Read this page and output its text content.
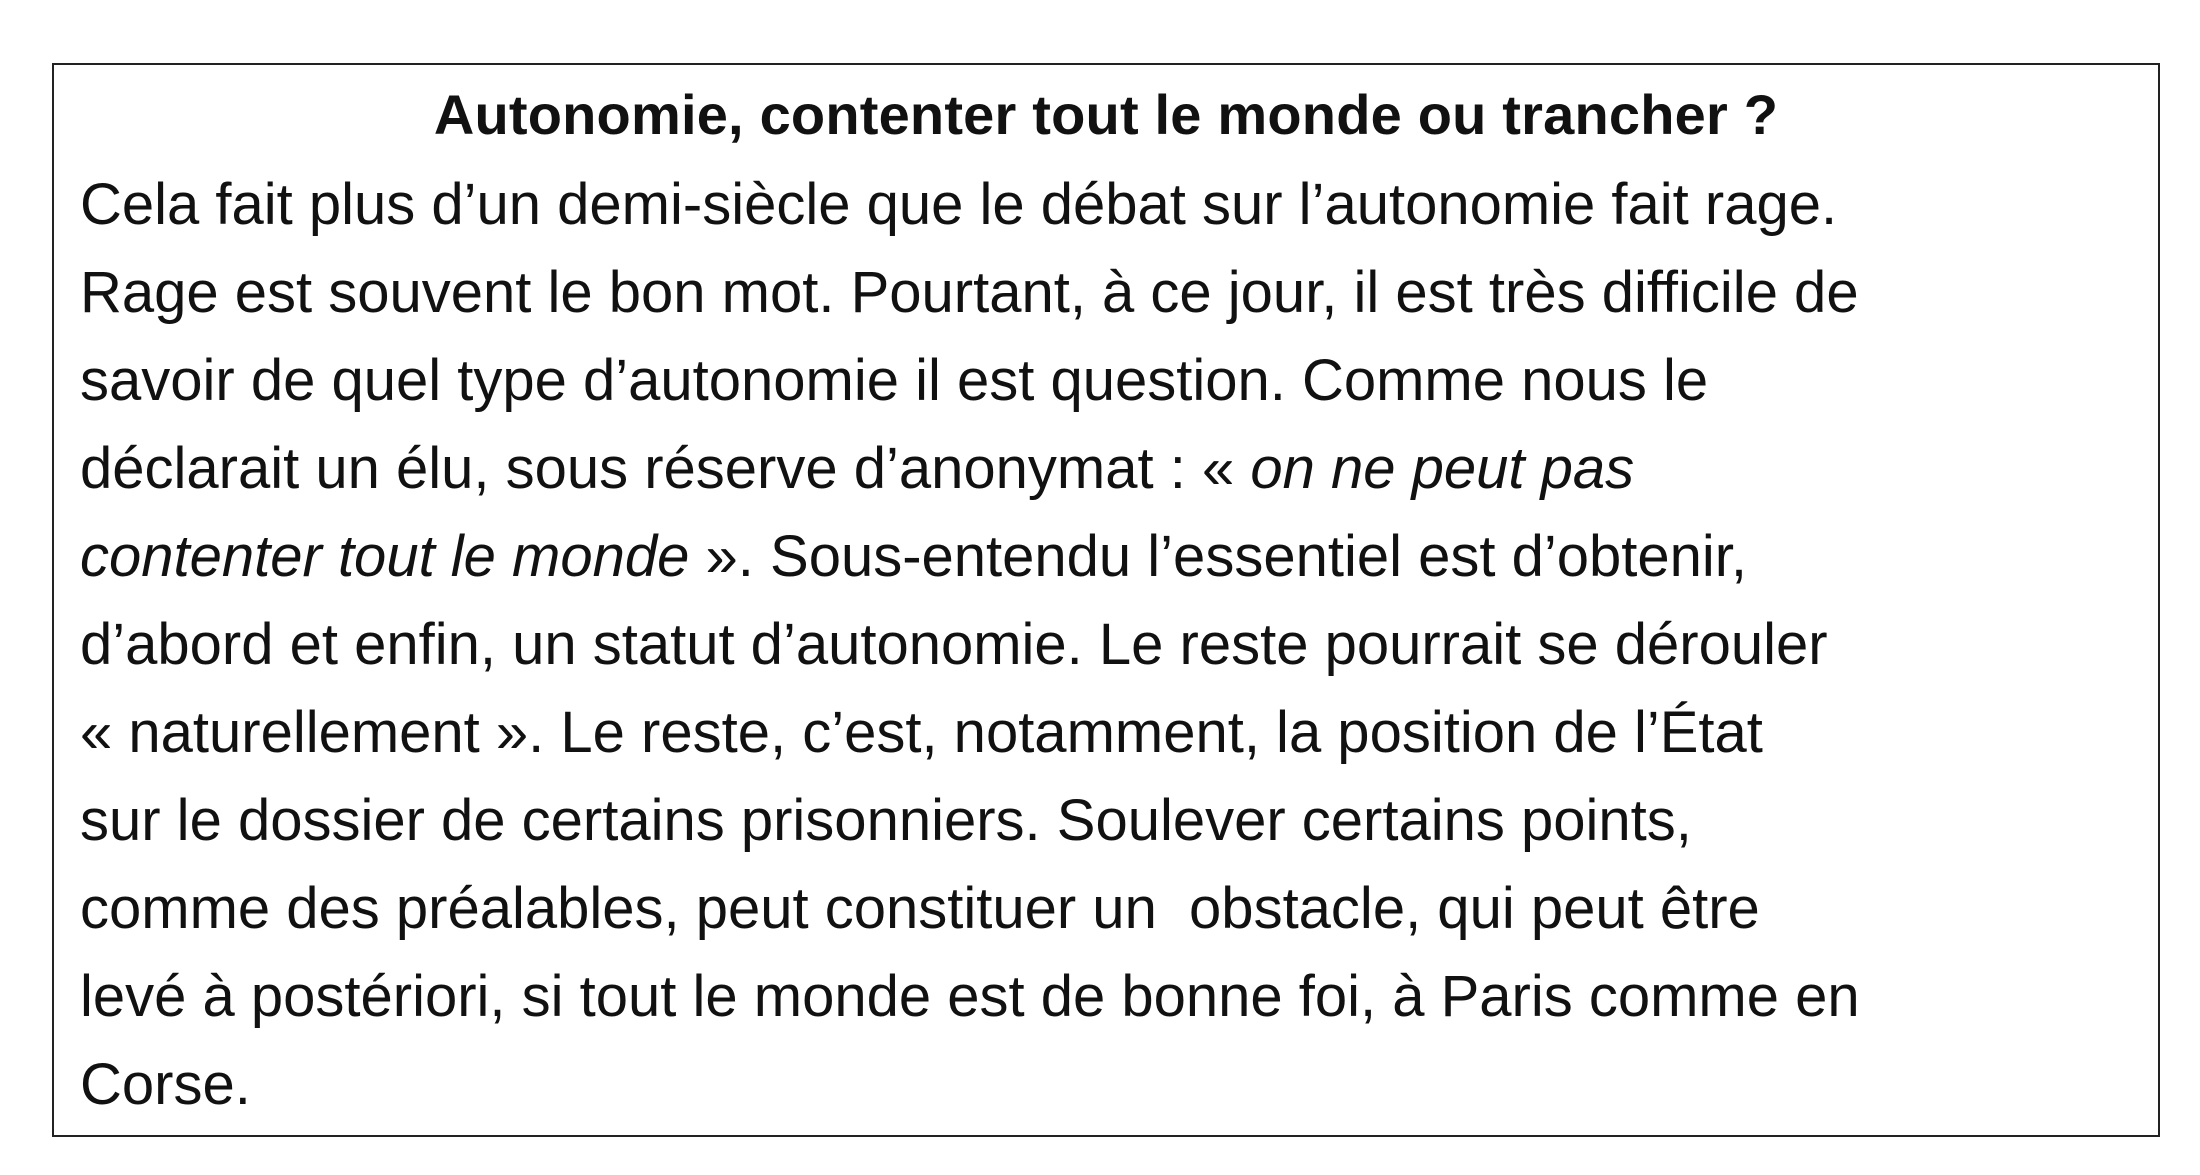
Autonomie, contenter tout le monde ou trancher ?
Cela fait plus d’un demi-siècle que le débat sur l’autonomie fait rage.
Rage est souvent le bon mot. Pourtant, à ce jour, il est très difficile de
savoir de quel type d’autonomie il est question. Comme nous le
déclarait un élu, sous réserve d’anonymat : « on ne peut pas
contenter tout le monde ». Sous-entendu l’essentiel est d’obtenir,
d’abord et enfin, un statut d’autonomie. Le reste pourrait se dérouler
« naturellement ». Le reste, c’est, notamment, la position de l’État
sur le dossier de certains prisonniers. Soulever certains points,
comme des préalables, peut constituer un  obstacle, qui peut être
levé à postériori, si tout le monde est de bonne foi, à Paris comme en
Corse.
